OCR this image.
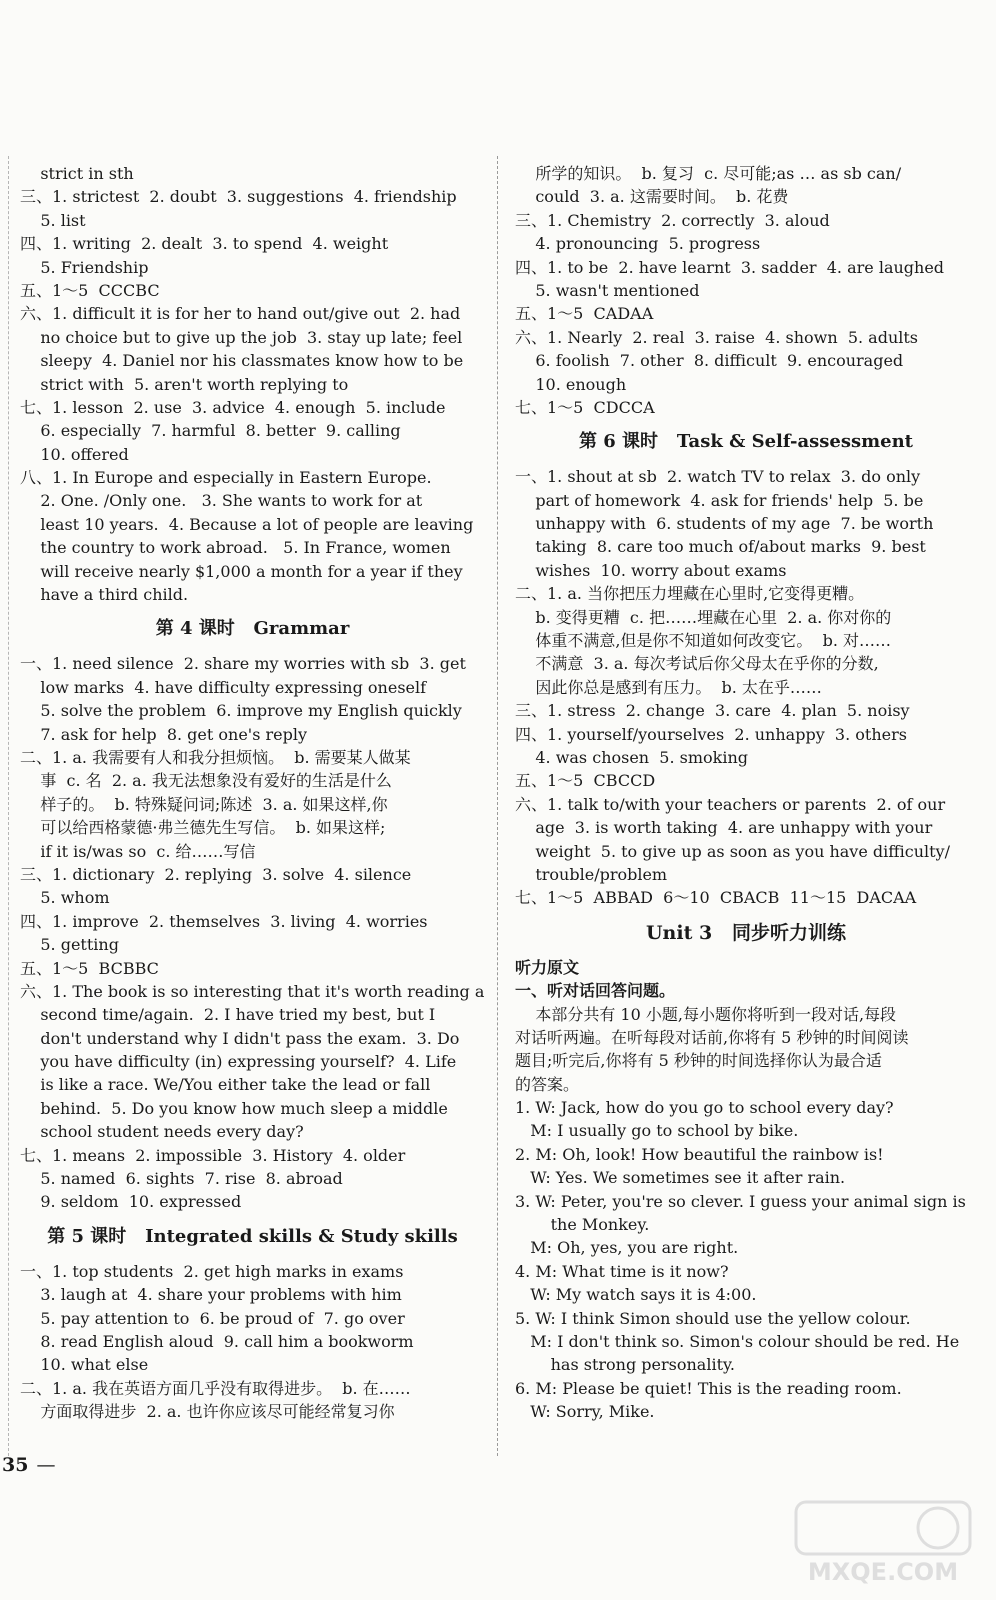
strict in sth
三、1. strictest  2. doubt  3. suggestions  4. friendship
5. list
四、1. writing  2. dealt  3. to spend  4. weight
5. Friendship
五、1～5  CCCBC
六、1. difficult it is for her to hand out/give out  2. had
no choice but to give up the job  3. stay up late; feel
sleepy  4. Daniel nor his classmates know how to be
strict with  5. aren't worth replying to
七、1. lesson  2. use  3. advice  4. enough  5. include
6. especially  7. harmful  8. better  9. calling
10. offered
八、1. In Europe and especially in Eastern Europe.
2. One. /Only one.   3. She wants to work for at
least 10 years.  4. Because a lot of people are leaving
the country to work abroad.   5. In France, women
will receive nearly $1,000 a month for a year if they
have a third child.
第 4 课时   Grammar
一、1. need silence  2. share my worries with sb  3. get
low marks  4. have difficulty expressing oneself
5. solve the problem  6. improve my English quickly
7. ask for help  8. get one's reply
二、1. a. 我需要有人和我分担烦恼。  b. 需要某人做某
事  c. 名  2. a. 我无法想象没有爱好的生活是什么
样子的。  b. 特殊疑问词;陈述  3. a. 如果这样,你
可以给西格蒙德·弗兰德先生写信。  b. 如果这样;
if it is/was so  c. 给……写信
三、1. dictionary  2. replying  3. solve  4. silence
5. whom
四、1. improve  2. themselves  3. living  4. worries
5. getting
五、1～5  BCBBC
六、1. The book is so interesting that it's worth reading a
second time/again.  2. I have tried my best, but I
don't understand why I didn't pass the exam.  3. Do
you have difficulty (in) expressing yourself?  4. Life
is like a race. We/You either take the lead or fall
behind.  5. Do you know how much sleep a middle
school student needs every day?
七、1. means  2. impossible  3. History  4. older
5. named  6. sights  7. rise  8. abroad
9. seldom  10. expressed
第 5 课时   Integrated skills & Study skills
一、1. top students  2. get high marks in exams
3. laugh at  4. share your problems with him
5. pay attention to  6. be proud of  7. go over
8. read English aloud  9. call him a bookworm
10. what else
二、1. a. 我在英语方面几乎没有取得进步。  b. 在……
方面取得进步  2. a. 也许你应该尽可能经常复习你
所学的知识。  b. 复习  c. 尽可能;as … as sb can/
could  3. a. 这需要时间。  b. 花费
三、1. Chemistry  2. correctly  3. aloud
4. pronouncing  5. progress
四、1. to be  2. have learnt  3. sadder  4. are laughed
5. wasn't mentioned
五、1～5  CADAA
六、1. Nearly  2. real  3. raise  4. shown  5. adults
6. foolish  7. other  8. difficult  9. encouraged
10. enough
七、1～5  CDCCA
第 6 课时   Task & Self-assessment
一、1. shout at sb  2. watch TV to relax  3. do only
part of homework  4. ask for friends' help  5. be
unhappy with  6. students of my age  7. be worth
taking  8. care too much of/about marks  9. best
wishes  10. worry about exams
二、1. a. 当你把压力埋藏在心里时,它变得更糟。
b. 变得更糟  c. 把……埋藏在心里  2. a. 你对你的
体重不满意,但是你不知道如何改变它。  b. 对……
不满意  3. a. 每次考试后你父母太在乎你的分数,
因此你总是感到有压力。  b. 太在乎……
三、1. stress  2. change  3. care  4. plan  5. noisy
四、1. yourself/yourselves  2. unhappy  3. others
4. was chosen  5. smoking
五、1～5  CBCCD
六、1. talk to/with your teachers or parents  2. of our
age  3. is worth taking  4. are unhappy with your
weight  5. to give up as soon as you have difficulty/
trouble/problem
七、1～5  ABBAD  6～10  CBACB  11～15  DACAA
Unit 3   同步听力训练
听力原文
一、听对话回答问题。
本部分共有 10 小题,每小题你将听到一段对话,每段
对话听两遍。在听每段对话前,你将有 5 秒钟的时间阅读
题目;听完后,你将有 5 秒钟的时间选择你认为最合适
的答案。
1. W: Jack, how do you go to school every day?
M: I usually go to school by bike.
2. M: Oh, look! How beautiful the rainbow is!
W: Yes. We sometimes see it after rain.
3. W: Peter, you're so clever. I guess your animal sign is
the Monkey.
M: Oh, yes, you are right.
4. M: What time is it now?
W: My watch says it is 4:00.
5. W: I think Simon should use the yellow colour.
M: I don't think so. Simon's colour should be red. He
has strong personality.
6. M: Please be quiet! This is the reading room.
W: Sorry, Mike.
35 —
MXQE.COM
